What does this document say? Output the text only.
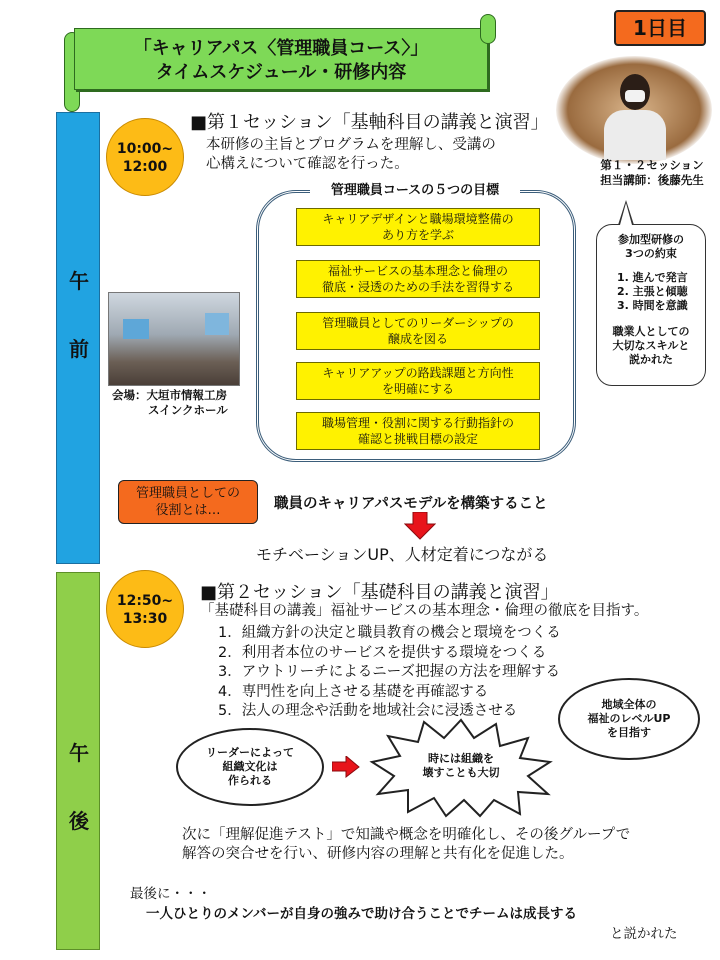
「キャリアパス〈管理職員コース〉」
タイムスケジュール・研修内容
1日目
午
前
10:00~
12:00
■第１セッション「基軸科目の講義と演習」
本研修の主旨とプログラムを理解し、受講の
心構えについて確認を行った。	第１・２セッション
担当講師：後藤先生
管理職員コースの５つの目標
キャリアデザインと職場環境整備の
あり方を学ぶ
福祉サービスの基本理念と倫理の
徹底・浸透のための手法を習得する
管理職員としてのリーダーシップの
醸成を図る
キャリアアップの路践課題と方向性
を明確にする
職場管理・役割に関する行動指針の
確認と挑戦目標の設定
会場：大垣市情報工房
スインクホール
参加型研修の
3つの約束
1. 進んで発言
2. 主張と傾聴
3. 時間を意識
職業人としての
大切なスキルと
説かれた
管理職員としての
役割とは…	職員のキャリアパスモデルを構築すること
モチベーションUP、人材定着につながる
午
後
12:50~
13:30
■第２セッション「基礎科目の講義と演習」
「基礎科目の講義」福祉サービスの基本理念・倫理の徹底を目指す。
1．組織方針の決定と職員教育の機会と環境をつくる
2．利用者本位のサービスを提供する環境をつくる
3．アウトリーチによるニーズ把握の方法を理解する
4．専門性を向上させる基礎を再確認する
5．法人の理念や活動を地域社会に浸透させる	地域全体の
福祉のレベルUP
を目指す
リーダーによって
組織文化は
作られる
時には組織を
壊すことも大切
次に「理解促進テスト」で知識や概念を明確化し、その後グループで
解答の突合せを行い、研修内容の理解と共有化を促進した。
最後に・・・
一人ひとりのメンバーが自身の強みで助け合うことでチームは成長する
と説かれた
